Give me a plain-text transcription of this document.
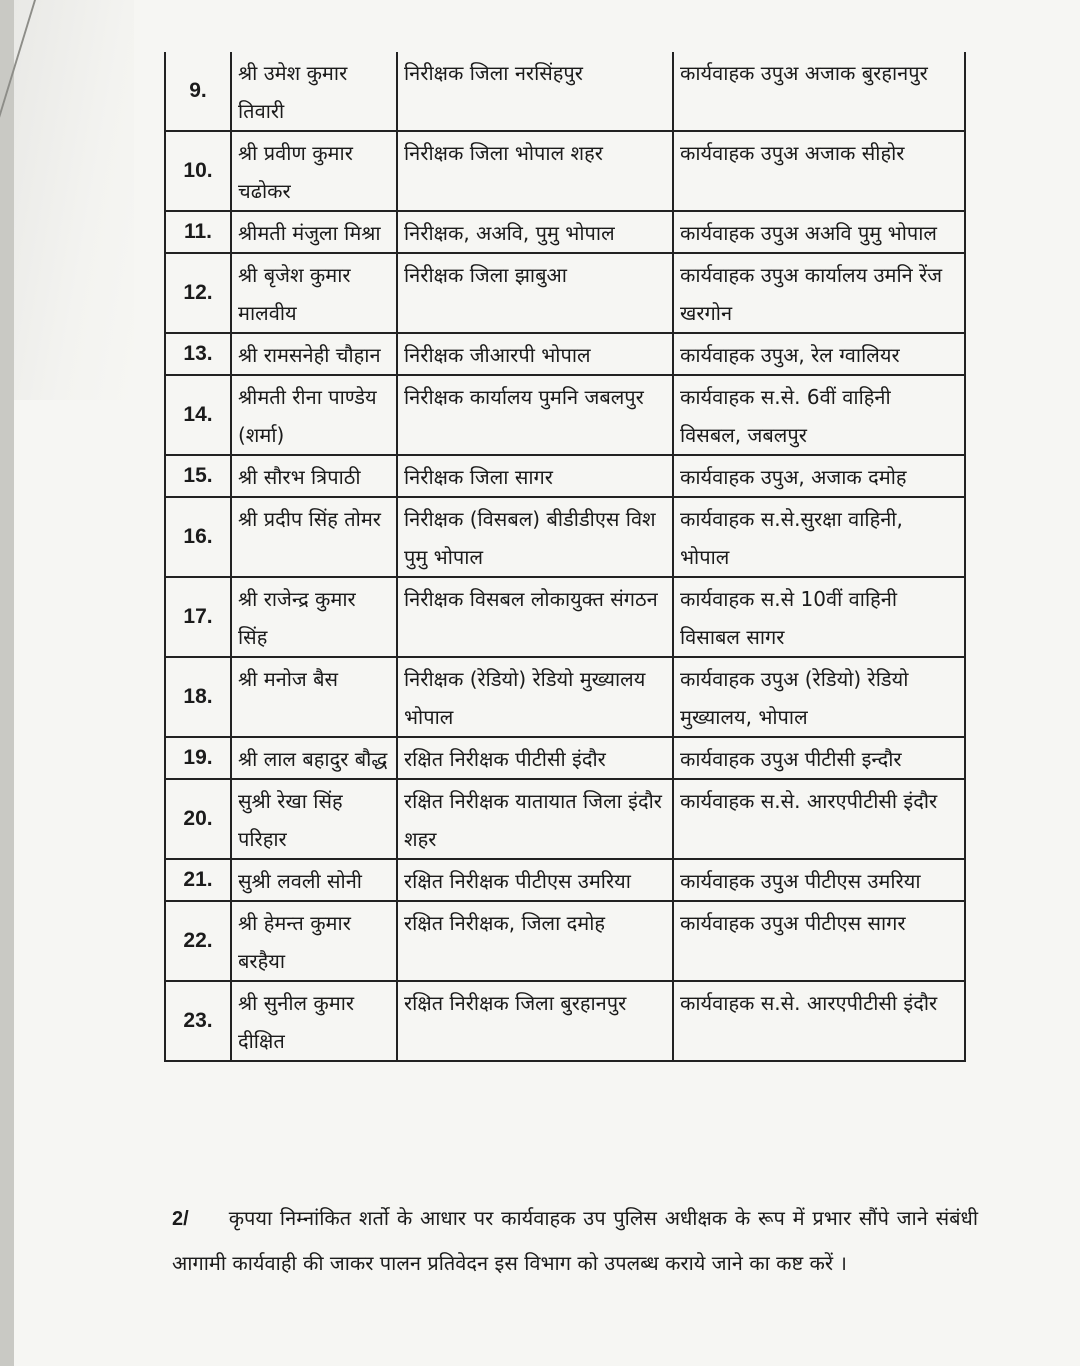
9.	श्री उमेश कुमार तिवारी	निरीक्षक जिला नरसिंहपुर	कार्यवाहक उपुअ अजाक बुरहानपुर
10.	श्री प्रवीण कुमार चढोकर	निरीक्षक जिला भोपाल शहर	कार्यवाहक उपुअ अजाक सीहोर
11.	श्रीमती मंजुला मिश्रा	निरीक्षक, अअवि, पुमु भोपाल	कार्यवाहक उपुअ अअवि पुमु भोपाल
12.	श्री बृजेश कुमार मालवीय	निरीक्षक जिला झाबुआ	कार्यवाहक उपुअ कार्यालय उमनि रेंज खरगोन
13.	श्री रामसनेही चौहान	निरीक्षक जीआरपी भोपाल	कार्यवाहक उपुअ, रेल ग्वालियर
14.	श्रीमती रीना पाण्डेय (शर्मा)	निरीक्षक कार्यालय पुमनि जबलपुर	कार्यवाहक स.से. 6वीं वाहिनी विसबल, जबलपुर
15.	श्री सौरभ त्रिपाठी	निरीक्षक जिला सागर	कार्यवाहक उपुअ, अजाक दमोह
16.	श्री प्रदीप सिंह तोमर	निरीक्षक (विसबल) बीडीडीएस विश पुमु भोपाल	कार्यवाहक स.से.सुरक्षा वाहिनी, भोपाल
17.	श्री राजेन्द्र कुमार सिंह	निरीक्षक विसबल लोकायुक्त संगठन	कार्यवाहक स.से 10वीं वाहिनी विसाबल सागर
18.	श्री मनोज बैस	निरीक्षक (रेडियो) रेडियो मुख्यालय भोपाल	कार्यवाहक उपुअ (रेडियो) रेडियो मुख्यालय, भोपाल
19.	श्री लाल बहादुर बौद्ध	रक्षित निरीक्षक पीटीसी इंदौर	कार्यवाहक उपुअ पीटीसी इन्दौर
20.	सुश्री रेखा सिंह परिहार	रक्षित निरीक्षक यातायात जिला इंदौर शहर	कार्यवाहक स.से. आरएपीटीसी इंदौर
21.	सुश्री लवली सोनी	रक्षित निरीक्षक पीटीएस उमरिया	कार्यवाहक उपुअ पीटीएस उमरिया
22.	श्री हेमन्त कुमार बरहैया	रक्षित निरीक्षक, जिला दमोह	कार्यवाहक उपुअ पीटीएस सागर
23.	श्री सुनील कुमार दीक्षित	रक्षित निरीक्षक जिला बुरहानपुर	कार्यवाहक स.से. आरएपीटीसी इंदौर
2/ कृपया निम्नांकित शर्तो के आधार पर कार्यवाहक उप पुलिस अधीक्षक के रूप में प्रभार सौंपे जाने संबंधी आगामी कार्यवाही की जाकर पालन प्रतिवेदन इस विभाग को उपलब्ध कराये जाने का कष्ट करें ।
